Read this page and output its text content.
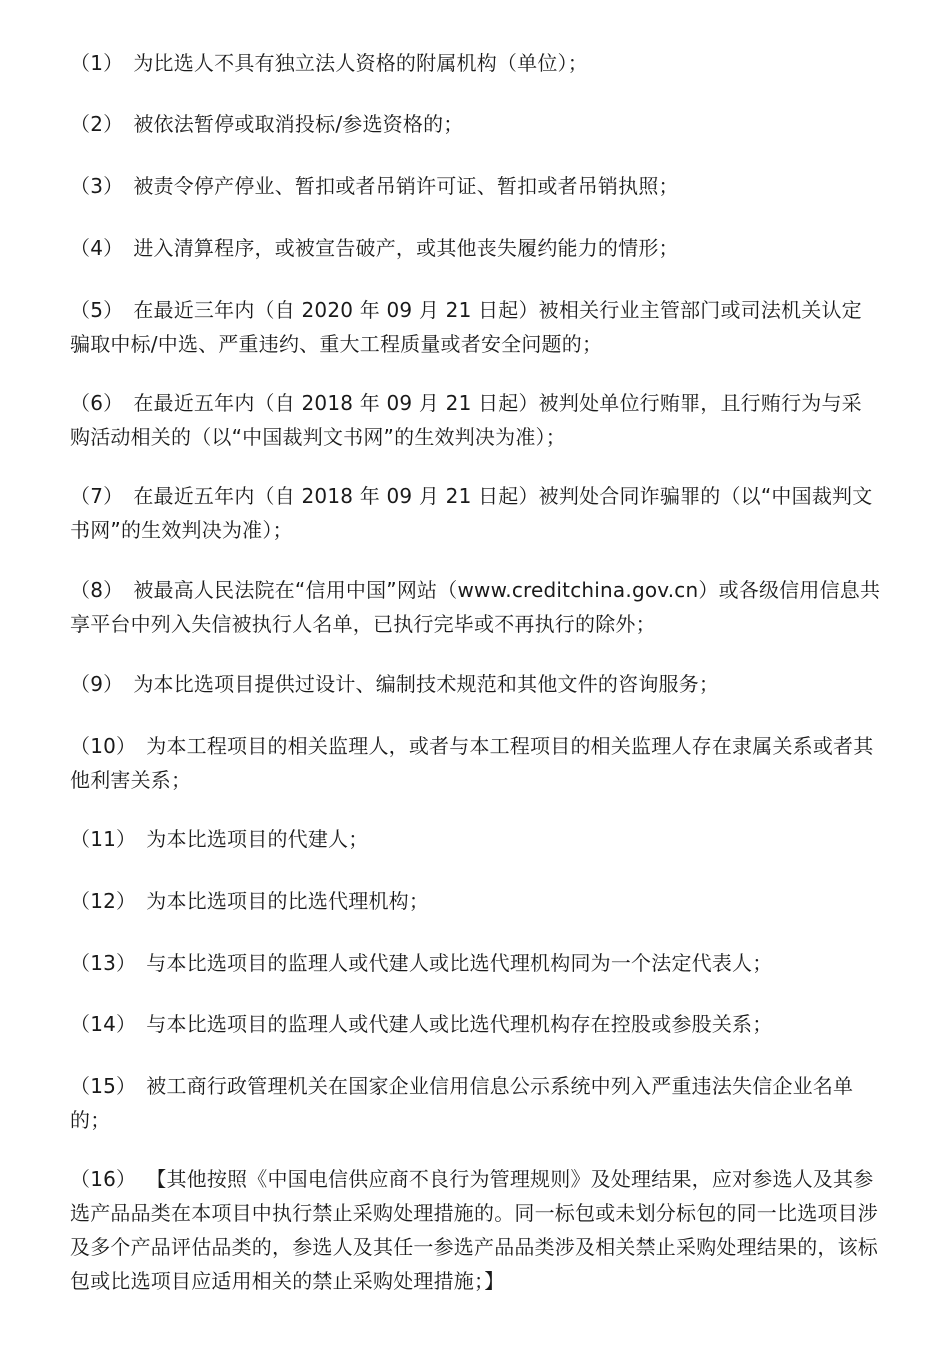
（1） 为比选人不具有独立法人资格的附属机构（单位）；
（2） 被依法暂停或取消投标/参选资格的；
（3） 被责令停产停业、暂扣或者吊销许可证、暂扣或者吊销执照；
（4） 进入清算程序，或被宣告破产，或其他丧失履约能力的情形；
（5） 在最近三年内（自 2020 年 09 月 21 日起）被相关行业主管部门或司法机关认定骗取中标/中选、严重违约、重大工程质量或者安全问题的；
（6） 在最近五年内（自 2018 年 09 月 21 日起）被判处单位行贿罪，且行贿行为与采购活动相关的（以“中国裁判文书网”的生效判决为准）；
（7） 在最近五年内（自 2018 年 09 月 21 日起）被判处合同诈骗罪的（以“中国裁判文书网”的生效判决为准）；
（8） 被最高人民法院在“信用中国”网站（www.creditchina.gov.cn）或各级信用信息共享平台中列入失信被执行人名单，已执行完毕或不再执行的除外；
（9） 为本比选项目提供过设计、编制技术规范和其他文件的咨询服务；
（10） 为本工程项目的相关监理人，或者与本工程项目的相关监理人存在隶属关系或者其他利害关系；
（11） 为本比选项目的代建人；
（12） 为本比选项目的比选代理机构；
（13） 与本比选项目的监理人或代建人或比选代理机构同为一个法定代表人；
（14） 与本比选项目的监理人或代建人或比选代理机构存在控股或参股关系；
（15） 被工商行政管理机关在国家企业信用信息公示系统中列入严重违法失信企业名单的；
（16） 【其他按照《中国电信供应商不良行为管理规则》及处理结果，应对参选人及其参选产品品类在本项目中执行禁止采购处理措施的。同一标包或未划分标包的同一比选项目涉及多个产品评估品类的，参选人及其任一参选产品品类涉及相关禁止采购处理结果的，该标包或比选项目应适用相关的禁止采购处理措施；】
